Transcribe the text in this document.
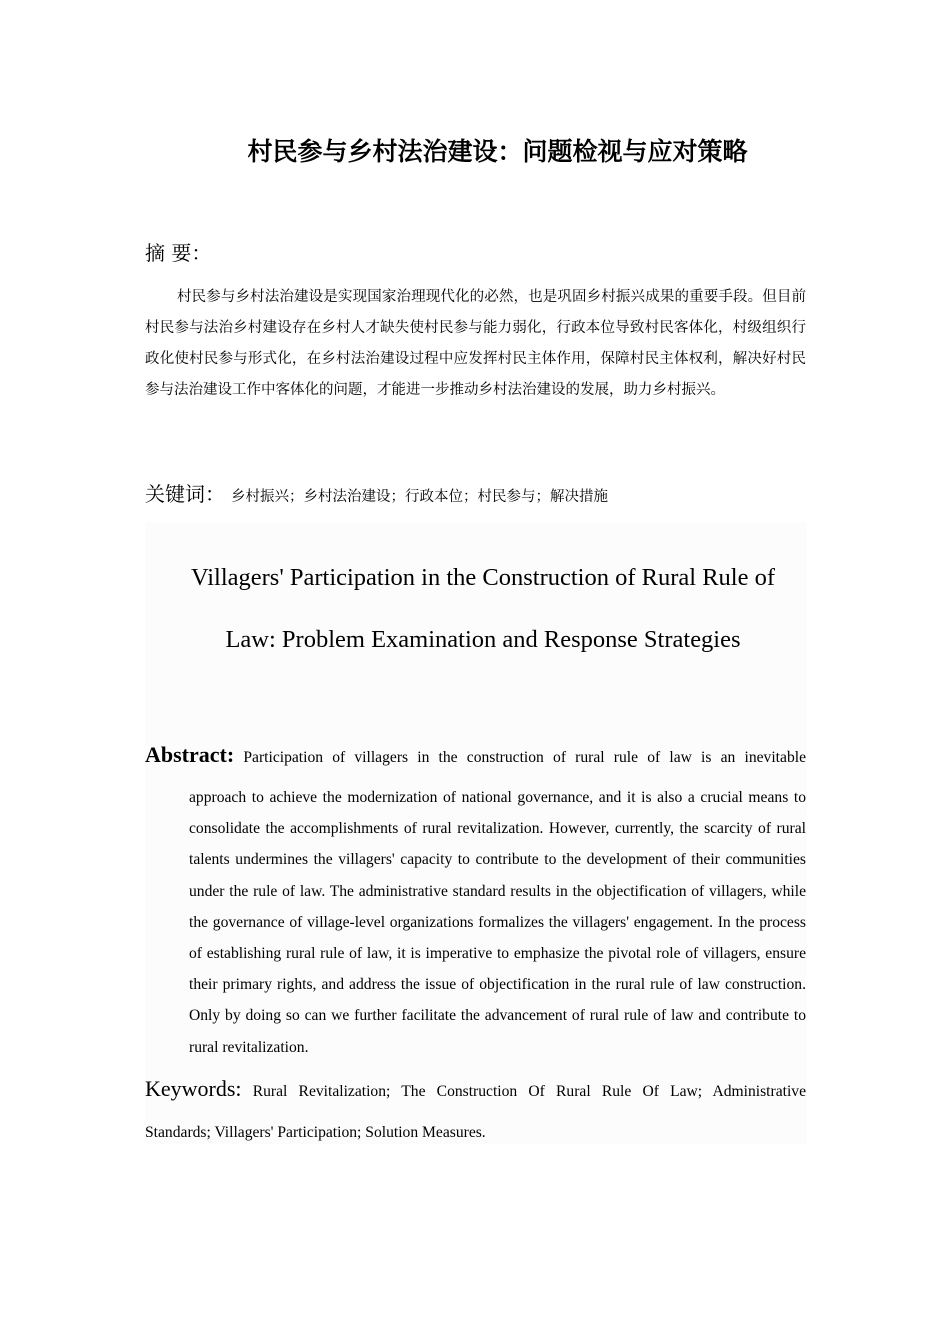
村民参与乡村法治建设：问题检视与应对策略
摘 要：
村民参与乡村法治建设是实现国家治理现代化的必然，也是巩固乡村振兴成果的重要手段。但目前村民参与法治乡村建设存在乡村人才缺失使村民参与能力弱化，行政本位导致村民客体化，村级组织行政化使村民参与形式化，在乡村法治建设过程中应发挥村民主体作用，保障村民主体权利，解决好村民参与法治建设工作中客体化的问题，才能进一步推动乡村法治建设的发展，助力乡村振兴。
关键词： 乡村振兴；乡村法治建设；行政本位；村民参与；解决措施
Villagers' Participation in the Construction of Rural Rule of
Law: Problem Examination and Response Strategies
Abstract: Participation of villagers in the construction of rural rule of law is an inevitable
approach to achieve the modernization of national governance, and it is also a crucial means to consolidate the accomplishments of rural revitalization. However, currently, the scarcity of rural talents undermines the villagers' capacity to contribute to the development of their communities under the rule of law. The administrative standard results in the objectification of villagers, while the governance of village-level organizations formalizes the villagers' engagement. In the process of establishing rural rule of law, it is imperative to emphasize the pivotal role of villagers, ensure their primary rights, and address the issue of objectification in the rural rule of law construction. Only by doing so can we further facilitate the advancement of rural rule of law and contribute to rural revitalization.
Keywords: Rural Revitalization; The Construction Of Rural Rule Of Law; Administrative
Standards; Villagers' Participation; Solution Measures.
